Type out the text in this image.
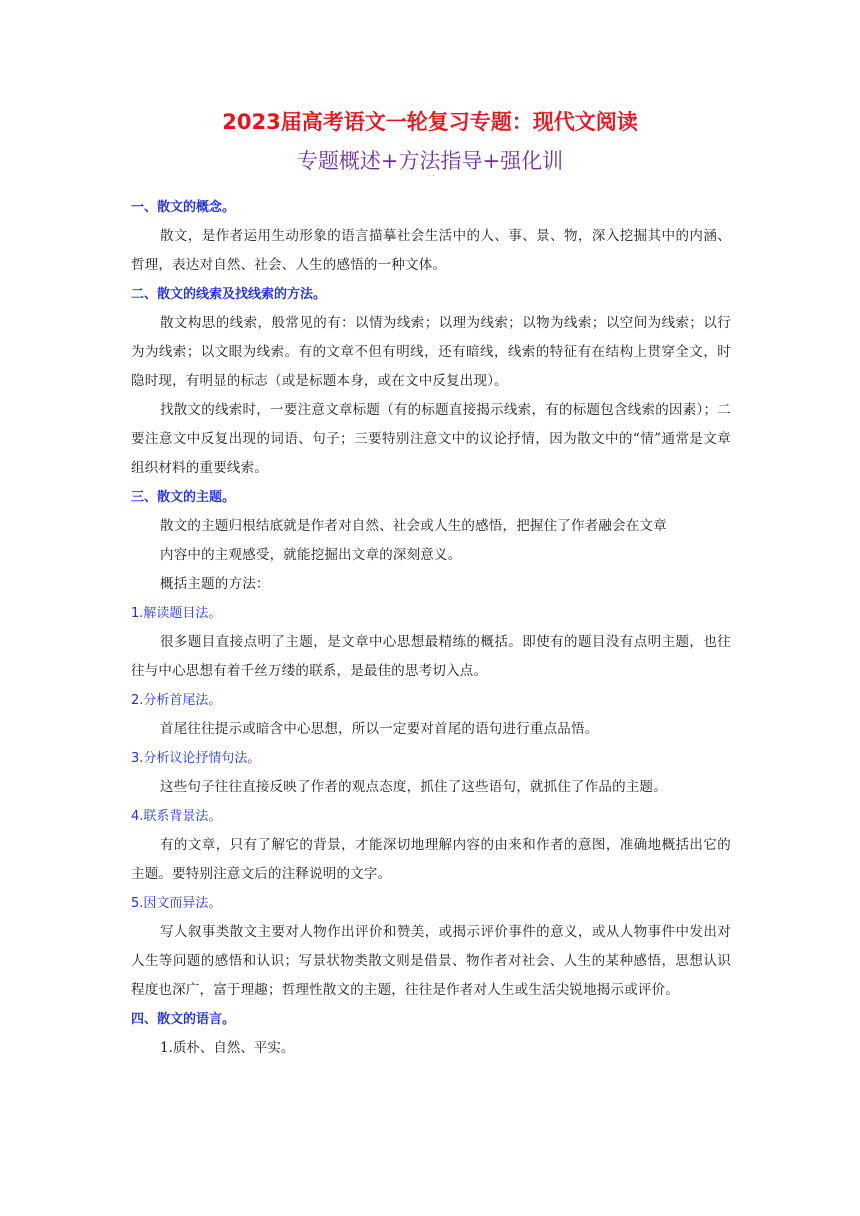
2023届高考语文一轮复习专题：现代文阅读
专题概述+方法指导+强化训
· ·
一、散文的概念。
散文，是作者运用生动形象的语言描摹社会生活中的人、事、景、物，深入挖掘其中的内涵、哲理，表达对自然、社会、人生的感悟的一种文体。
二、散文的线索及找线索的方法。
散文构思的线索，般常见的有：以情为线索；以理为线索；以物为线索；以空间为线索；以行为为线索；以文眼为线索。有的文章不但有明线，还有暗线，线索的特征有在结构上贯穿全文，时隐时现，有明显的标志（或是标题本身，或在文中反复出现）。
找散文的线索时，一要注意文章标题（有的标题直接揭示线索，有的标题包含线索的因素）；二要注意文中反复出现的词语、句子；三要特别注意文中的议论抒情，因为散文中的“情”通常是文章组织材料的重要线索。
三、散文的主题。
散文的主题归根结底就是作者对自然、社会或人生的感悟，把握住了作者融会在文章
内容中的主观感受，就能挖掘出文章的深刻意义。
概括主题的方法：
1.解读题目法。
很多题目直接点明了主题，是文章中心思想最精练的概括。即使有的题目没有点明主题，也往往与中心思想有着千丝万缕的联系，是最佳的思考切入点。
2.分析首尾法。
首尾往往提示或暗含中心思想，所以一定要对首尾的语句进行重点品悟。
3.分析议论抒情句法。
这些句子往往直接反映了作者的观点态度，抓住了这些语句，就抓住了作品的主题。
4.联系背景法。
有的文章，只有了解它的背景，才能深切地理解内容的由来和作者的意图，准确地概括出它的主题。要特别注意文后的注释说明的文字。
5.因文而异法。
写人叙事类散文主要对人物作出评价和赞美，或揭示评价事件的意义，或从人物事件中发出对人生等问题的感悟和认识；写景状物类散文则是借景、物作者对社会、人生的某种感悟，思想认识程度也深广，富于理趣；哲理性散文的主题，往往是作者对人生或生活尖锐地揭示或评价。
四、散文的语言。
1.质朴、自然、平实。
